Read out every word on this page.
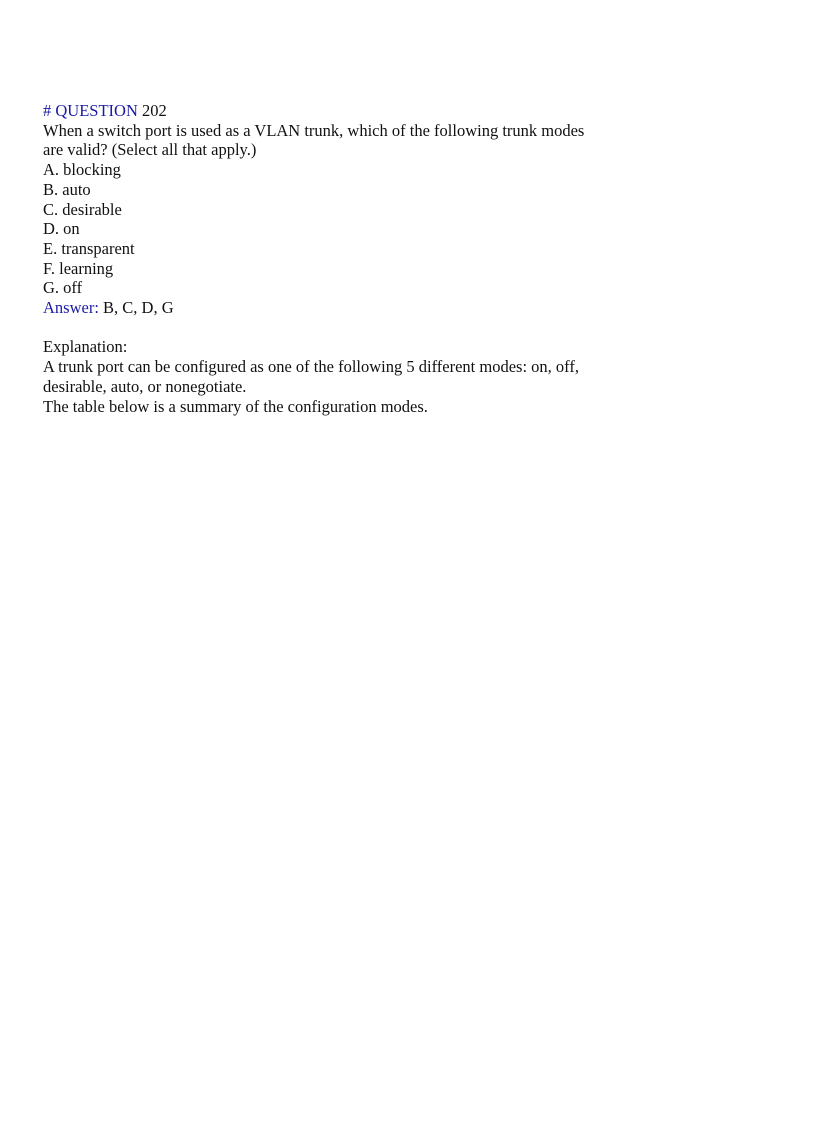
# QUESTION 202
When a switch port is used as a VLAN trunk, which of the following trunk modes
are valid? (Select all that apply.)
A. blocking
B. auto
C. desirable
D. on
E. transparent
F. learning
G. off
Answer: B, C, D, G
Explanation:
A trunk port can be configured as one of the following 5 different modes: on, off,
desirable, auto, or nonegotiate.
The table below is a summary of the configuration modes.
